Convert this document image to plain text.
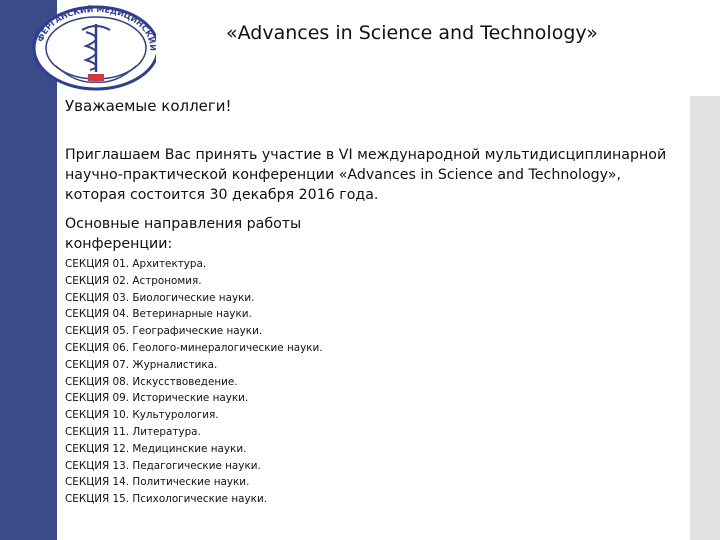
ФЕРГАНСКИЙ МЕДИЦИНСКИ	«Advances in Science and Technology»
Уважаемые коллеги!
Приглашаем Вас принять участие в VI международной мультидисциплинарной научно-практической конференции «Advances in Science and Technology», которая состоится 30 декабря 2016 года.
Основные направления работы конференции:
СЕКЦИЯ 01. Архитектура.
СЕКЦИЯ 02. Астрономия.
СЕКЦИЯ 03. Биологические науки.
СЕКЦИЯ 04. Ветеринарные науки.
СЕКЦИЯ 05. Географические науки.
СЕКЦИЯ 06. Геолого-минералогические науки.
СЕКЦИЯ 07. Журналистика.
СЕКЦИЯ 08. Искусствоведение.
СЕКЦИЯ 09. Исторические науки.
СЕКЦИЯ 10. Культурология.
СЕКЦИЯ 11. Литература.
СЕКЦИЯ 12. Медицинские науки.
СЕКЦИЯ 13. Педагогические науки.
СЕКЦИЯ 14. Политические науки.
СЕКЦИЯ 15. Психологические науки.
